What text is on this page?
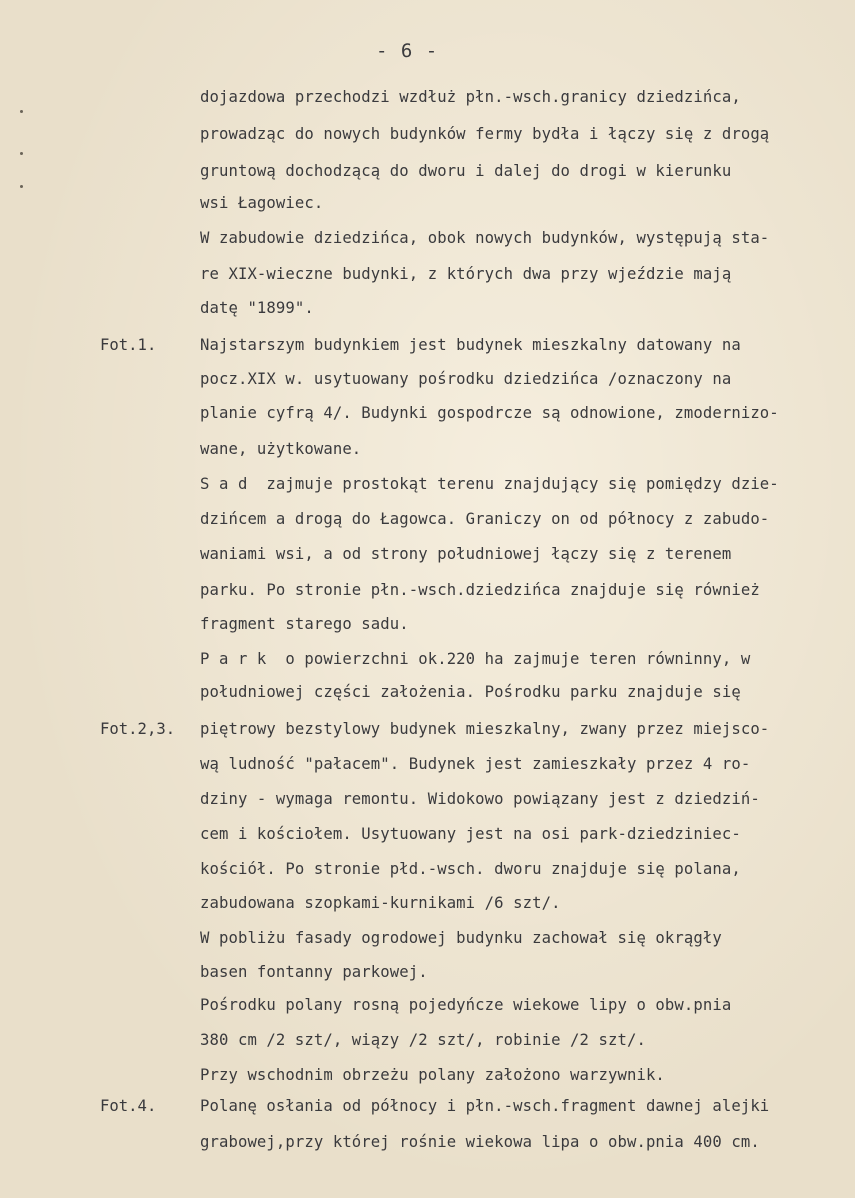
- 6 -
Fot.1.
Fot.2,3.
Fot.4.
dojazdowa przechodzi wzdłuż płn.-wsch.granicy dziedzińca,
prowadząc do nowych budynków fermy bydła i łączy się z drogą
gruntową dochodzącą do dworu i dalej do drogi w kierunku
wsi Łagowiec.
W zabudowie dziedzińca, obok nowych budynków, występują sta-
re XIX-wieczne budynki, z których dwa przy wjeździe mają
datę "1899".
Najstarszym budynkiem jest budynek mieszkalny datowany na
pocz.XIX w. usytuowany pośrodku dziedzińca /oznaczony na
planie cyfrą 4/. Budynki gospodrcze są odnowione, zmodernizo-
wane, użytkowane.
S a d  zajmuje prostokąt terenu znajdujący się pomiędzy dzie-
dzińcem a drogą do Łagowca. Graniczy on od północy z zabudo-
waniami wsi, a od strony południowej łączy się z terenem
parku. Po stronie płn.-wsch.dziedzińca znajduje się również
fragment starego sadu.
P a r k  o powierzchni ok.220 ha zajmuje teren równinny, w
południowej części założenia. Pośrodku parku znajduje się
piętrowy bezstylowy budynek mieszkalny, zwany przez miejsco-
wą ludność "pałacem". Budynek jest zamieszkały przez 4 ro-
dziny - wymaga remontu. Widokowo powiązany jest z dziedziń-
cem i kościołem. Usytuowany jest na osi park-dziedziniec-
kościół. Po stronie płd.-wsch. dworu znajduje się polana,
zabudowana szopkami-kurnikami /6 szt/.
W pobliżu fasady ogrodowej budynku zachował się okrągły
basen fontanny parkowej.
Pośrodku polany rosną pojedyńcze wiekowe lipy o obw.pnia
380 cm /2 szt/, wiązy /2 szt/, robinie /2 szt/.
Przy wschodnim obrzeżu polany założono warzywnik.
Polanę osłania od północy i płn.-wsch.fragment dawnej alejki
grabowej,przy której rośnie wiekowa lipa o obw.pnia 400 cm.
